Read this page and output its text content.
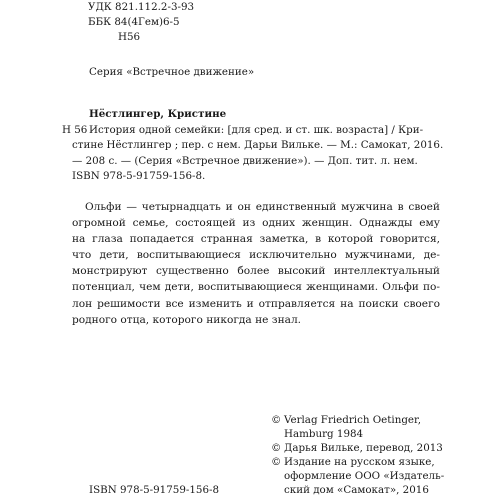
УДК 821.112.2-3-93
ББК 84(4Гем)6-5
Н56
Серия «Встречное движение»
Нёстлингер, Кристине
Н 56 История одной семейки: [для сред. и ст. шк. возраста] / Кри-
стине Нёстлингер ; пер. с нем. Дарьи Вильке. — М.: Самокат, 2016.
— 208 с. — (Серия «Встречное движение»). — Доп. тит. л. нем.
ISBN 978-5-91759-156-8.
Ольфи — четырнадцать и он единственный мужчина в своей
огромной семье, состоящей из одних женщин. Однажды ему
на глаза попадается странная заметка, в которой говорится,
что дети, воспитывающиеся исключительно мужчинами, де-
монстрируют существенно более высокий интеллектуальный
потенциал, чем дети, воспитывающиеся женщинами. Ольфи по-
лон решимости все изменить и отправляется на поиски своего
родного отца, которого никогда не знал.
© Verlag Friedrich Oetinger,
Hamburg 1984
© Дарья Вильке, перевод, 2013
© Издание на русском языке,
оформление ООО «Издатель-
ский дом «Самокат», 2016
ISBN 978-5-91759-156-8
